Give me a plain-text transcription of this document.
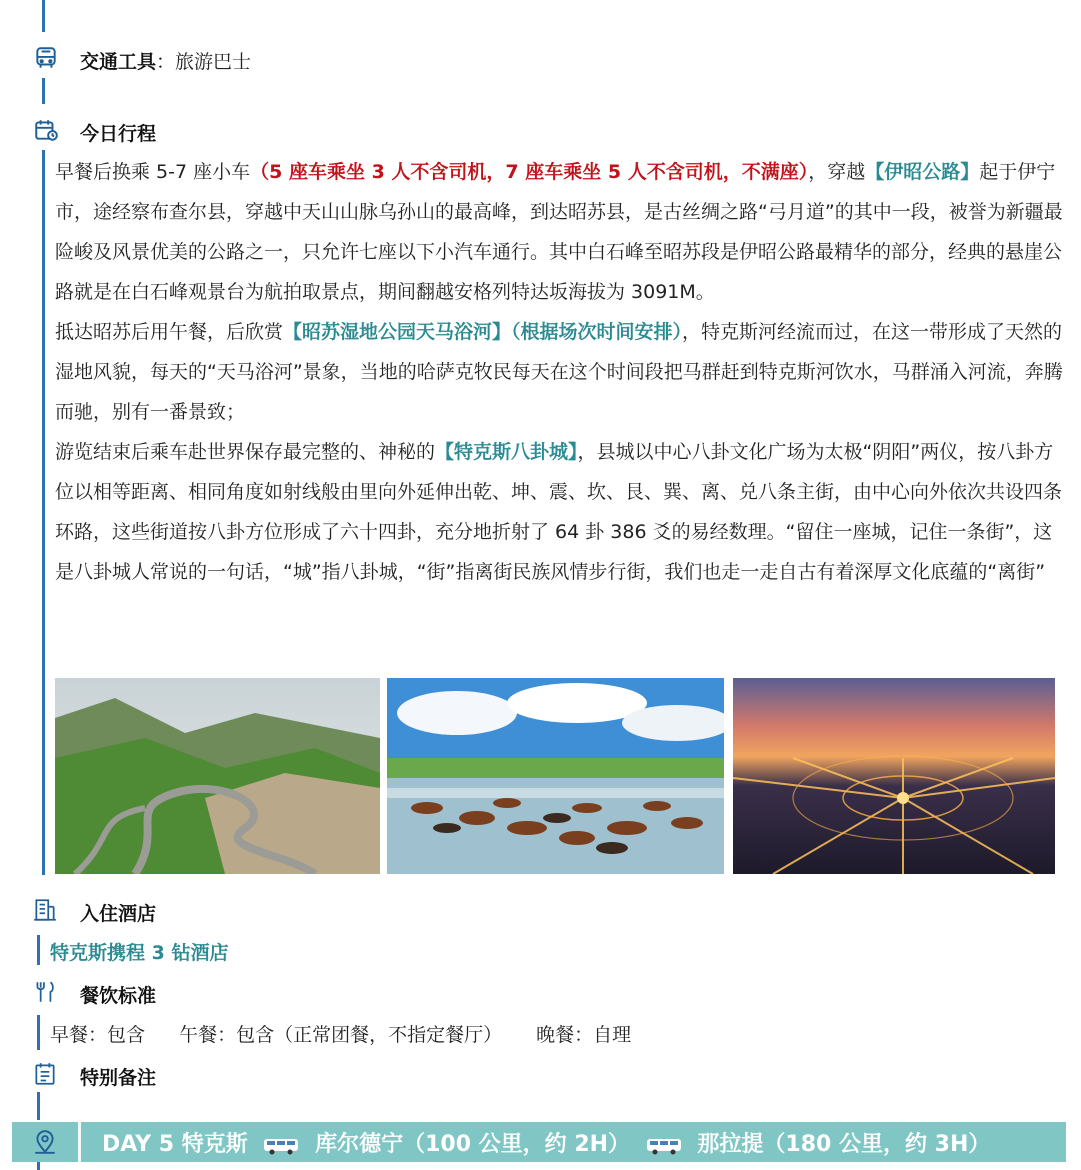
交通工具：旅游巴士
今日行程

早餐后换乘 5-7 座小车（5 座车乘坐 3 人不含司机，7 座车乘坐 5 人不含司机，不满座），穿越【伊昭公路】起于伊宁市，途经察布查尔县，穿越中天山山脉乌孙山的最高峰，到达昭苏县，是古丝绸之路“弓月道”的其中一段，被誉为新疆最险峻及风景优美的公路之一，只允许七座以下小汽车通行。其中白石峰至昭苏段是伊昭公路最精华的部分，经典的悬崖公路就是在白石峰观景台为航拍取景点，期间翻越安格列特达坂海拔为 3091M。

抵达昭苏后用午餐，后欣赏【昭苏湿地公园天马浴河】（根据场次时间安排），特克斯河经流而过，在这一带形成了天然的湿地风貌，每天的“天马浴河”景象，当地的哈萨克牧民每天在这个时间段把马群赶到特克斯河饮水，马群涌入河流，奔腾而驰，别有一番景致；

游览结束后乘车赴世界保存最完整的、神秘的【特克斯八卦城】，县城以中心八卦文化广场为太极“阴阳”两仪，按八卦方位以相等距离、相同角度如射线般由里向外延伸出乾、坤、震、坎、艮、巽、离、兑八条主街，由中心向外依次共设四条环路，这些街道按八卦方位形成了六十四卦，充分地折射了 64 卦 386 爻的易经数理。“留住一座城，记住一条街”，这是八卦城人常说的一句话，“城”指八卦城，“街”指离街民族风情步行街，我们也走一走自古有着深厚文化底蕴的“离街”

入住酒店
特克斯携程 3 钻酒店
餐饮标准
早餐：包含 午餐：包含（正常团餐，不指定餐厅） 晚餐：自理
特别备注
DAY 5 特克斯	库尔德宁（100 公里，约 2H）	那拉提（180 公里，约 3H）
